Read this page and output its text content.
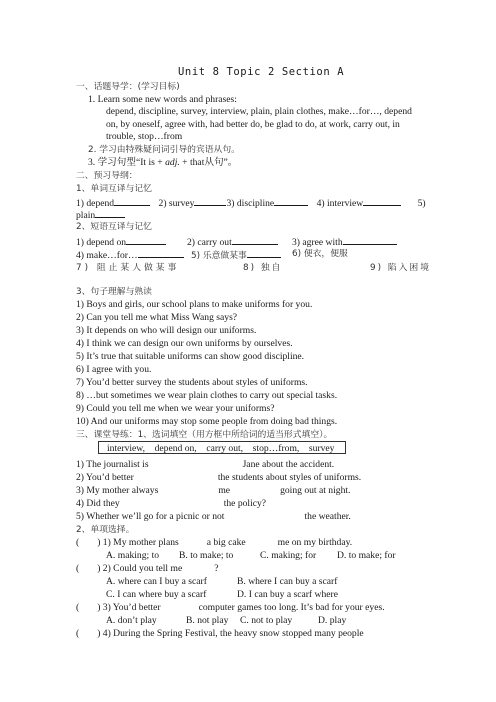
Unit 8 Topic 2 Section A
一、话题导学：(学习目标)
1. Learn some new words and phrases:
depend, discipline, survey, interview, plain, plain clothes, make…for…, depend
on, by oneself, agree with, had better do, be glad to do, at work, carry out, in
trouble, stop…from
2. 学习由特殊疑问词引导的宾语从句。
3. 学习句型“It is + adj. + that从句”。
二、预习导纲：
1、单词互译与记忆
1) depend	2) survey	3) discipline	4) interview	5)
plain
2、短语互译与记忆
1) depend on	2) carry out	3) agree with
4) make…for…	5) 乐意做某事	6) 便衣，便服
7) 阻止某人做某事	8) 独自	9) 陷入困境
3、句子理解与熟读
1) Boys and girls, our school plans to make uniforms for you.
2) Can you tell me what Miss Wang says?
3) It depends on who will design our uniforms.
4) I think we can design our own uniforms by ourselves.
5) It’s true that suitable uniforms can show good discipline.
6) I agree with you.
7) You’d better survey the students about styles of uniforms.
8) …but sometimes we wear plain clothes to carry out special tasks.
9) Could you tell me when we wear your uniforms?
10) And our uniforms may stop some people from doing bad things.
三、课堂导练：1、选词填空（用方框中所给词的适当形式填空）。
interview, depend on, carry out, stop…from, survey
1) The journalist is	Jane about the accident.
2) You’d better	the students about styles of uniforms.
3) My mother always	me	going out at night.
4) Did they	the policy?
5) Whether we’ll go for a picnic or not	the weather.
2、单项选择。
( ) 1) My mother plans	a big cake	me on my birthday.
A. making; to B. to make; to	C. making; for D. to make; for
( ) 2) Could you tell me	?
A. where can I buy a scarf	B. where I can buy a scarf
C. I can where buy a scarf	D. I can buy a scarf where
( ) 3) You’d better	computer games too long. It’s bad for your eyes.
A. don’t play	B. not play C. not to play	D. play
( ) 4) During the Spring Festival, the heavy snow stopped many people
